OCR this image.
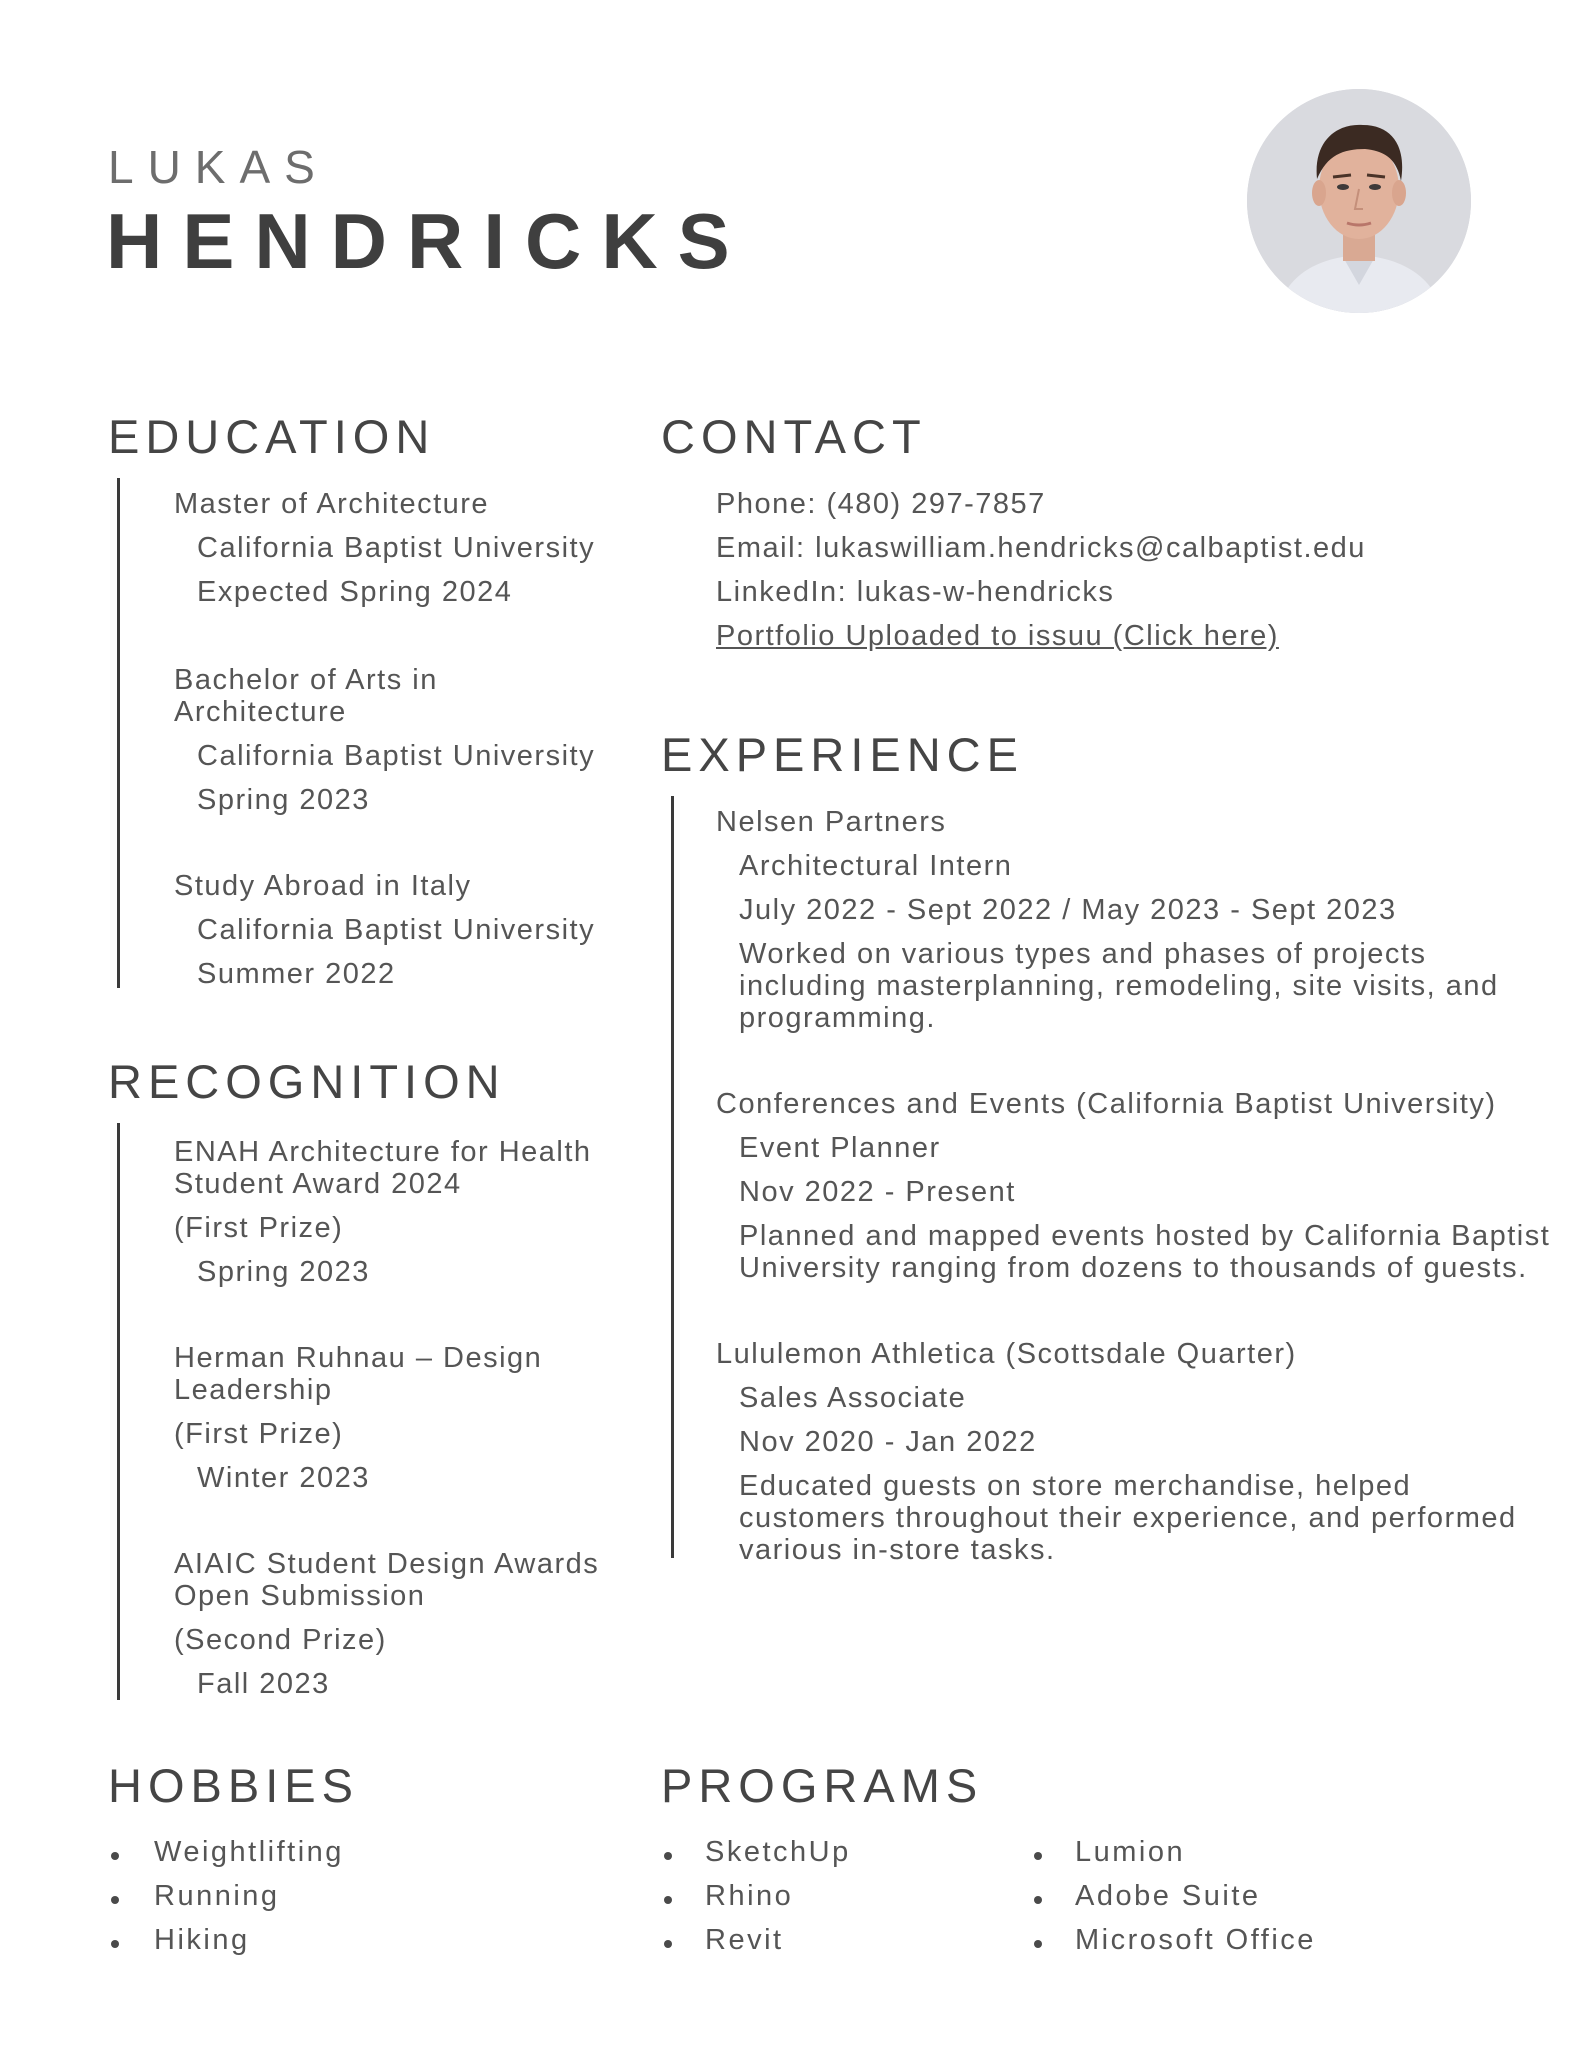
LUKAS
HENDRICKS
EDUCATION

Master of Architecture

California Baptist University

Expected Spring 2024

Bachelor of Arts in

Architecture

California Baptist University

Spring 2023

Study Abroad in Italy

California Baptist University

Summer 2022

CONTACT

Phone: (480) 297-7857

Email: lukaswilliam.hendricks@calbaptist.edu

LinkedIn: lukas-w-hendricks

Portfolio Uploaded to issuu (Click here)

EXPERIENCE

Nelsen Partners

Architectural Intern

July 2022 - Sept 2022 / May 2023 - Sept 2023

Worked on various types and phases of projects including masterplanning, remodeling, site visits, and programming.

Conferences and Events (California Baptist University)

Event Planner

Nov 2022 - Present

Planned and mapped events hosted by California Baptist University ranging from dozens to thousands of guests.

Lululemon Athletica (Scottsdale Quarter)

Sales Associate

Nov 2020 - Jan 2022

Educated guests on store merchandise, helped customers throughout their experience, and performed various in-store tasks.

RECOGNITION

ENAH Architecture for Health

Student Award 2024

(First Prize)

Spring 2023

Herman Ruhnau – Design

Leadership

(First Prize)

Winter 2023

AIAIC Student Design Awards

Open Submission

(Second Prize)

Fall 2023

HOBBIES

Weightlifting

Running

Hiking

PROGRAMS

SketchUp

Rhino

Revit

Lumion

Adobe Suite

Microsoft Office
